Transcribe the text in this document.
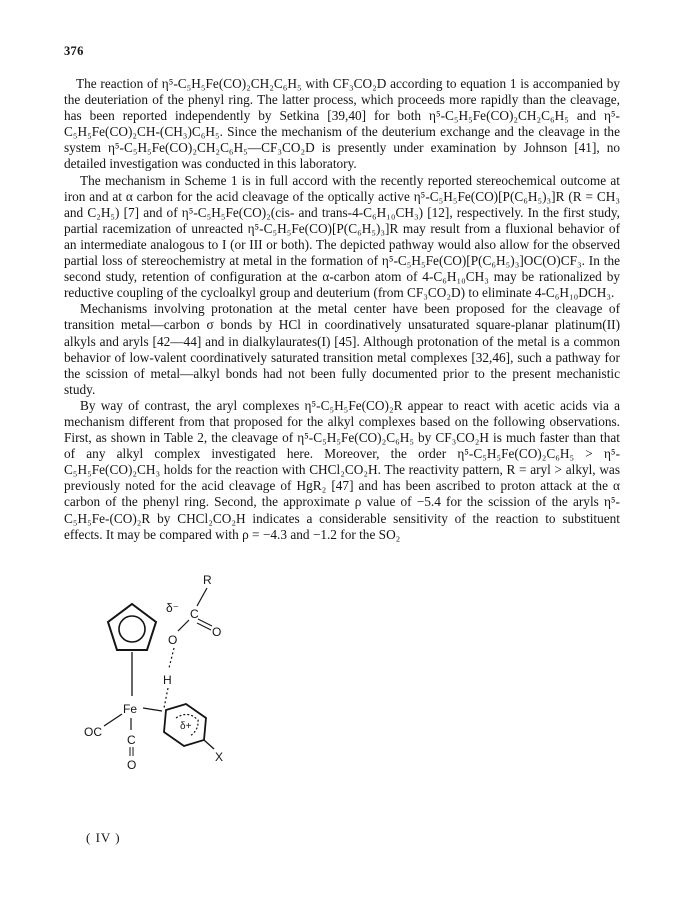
376

The reaction of η⁵-C₅H₅Fe(CO)₂CH₂C₆H₅ with CF₃CO₂D according to equation 1 is accompanied by the deuteriation of the phenyl ring. The latter process, which proceeds more rapidly than the cleavage, has been reported independently by Setkina [39,40] for both η⁵-C₅H₅Fe(CO)₂CH₂C₆H₅ and η⁵-C₅H₅Fe(CO)₂CH-(CH₃)C₆H₅. Since the mechanism of the deuterium exchange and the cleavage in the system η⁵-C₅H₅Fe(CO)₂CH₂C₆H₅—CF₃CO₂D is presently under examination by Johnson [41], no detailed investigation was conducted in this laboratory.

The mechanism in Scheme 1 is in full accord with the recently reported stereochemical outcome at iron and at α carbon for the acid cleavage of the optically active η⁵-C₅H₅Fe(CO)[P(C₆H₅)₃]R (R = CH₃ and C₂H₅) [7] and of η⁵-C₅H₅Fe(CO)₂(cis- and trans-4-C₆H₁₀CH₃) [12], respectively. In the first study, partial racemization of unreacted η⁵-C₅H₅Fe(CO)[P(C₆H₅)₃]R may result from a fluxional behavior of an intermediate analogous to I (or III or both). The depicted pathway would also allow for the observed partial loss of stereochemistry at metal in the formation of η⁵-C₅H₅Fe(CO)[P(C₆H₅)₃]OC(O)CF₃. In the second study, retention of configuration at the α-carbon atom of 4-C₆H₁₀CH₃ may be rationalized by reductive coupling of the cycloalkyl group and deuterium (from CF₃CO₂D) to eliminate 4-C₆H₁₀DCH₃.

Mechanisms involving protonation at the metal center have been proposed for the cleavage of transition metal—carbon σ bonds by HCl in coordinatively unsaturated square-planar platinum(II) alkyls and aryls [42—44] and in dialkylaurates(I) [45]. Although protonation of the metal is a common behavior of low-valent coordinatively saturated transition metal complexes [32,46], such a pathway for the scission of metal—alkyl bonds had not been fully documented prior to the present mechanistic study.

By way of contrast, the aryl complexes η⁵-C₅H₅Fe(CO)₂R appear to react with acetic acids via a mechanism different from that proposed for the alkyl complexes based on the following observations. First, as shown in Table 2, the cleavage of η⁵-C₅H₅Fe(CO)₂C₆H₅ by CF₃CO₂H is much faster than that of any alkyl complex investigated here. Moreover, the order η⁵-C₅H₅Fe(CO)₂C₆H₅ > η⁵-C₅H₅Fe(CO)₂CH₃ holds for the reaction with CHCl₂CO₂H. The reactivity pattern, R = aryl > alkyl, was previously noted for the acid cleavage of HgR₂ [47] and has been ascribed to proton attack at the α carbon of the phenyl ring. Second, the approximate ρ value of −5.4 for the scission of the aryls η⁵-C₅H₅Fe-(CO)₂R by CHCl₂CO₂H indicates a considerable sensitivity of the reaction to substituent effects. It may be compared with ρ = −4.3 and −1.2 for the SO₂

Fe
OC
C
O
R
δ⁻ C
O
O
H
δ+
X
( IV )
